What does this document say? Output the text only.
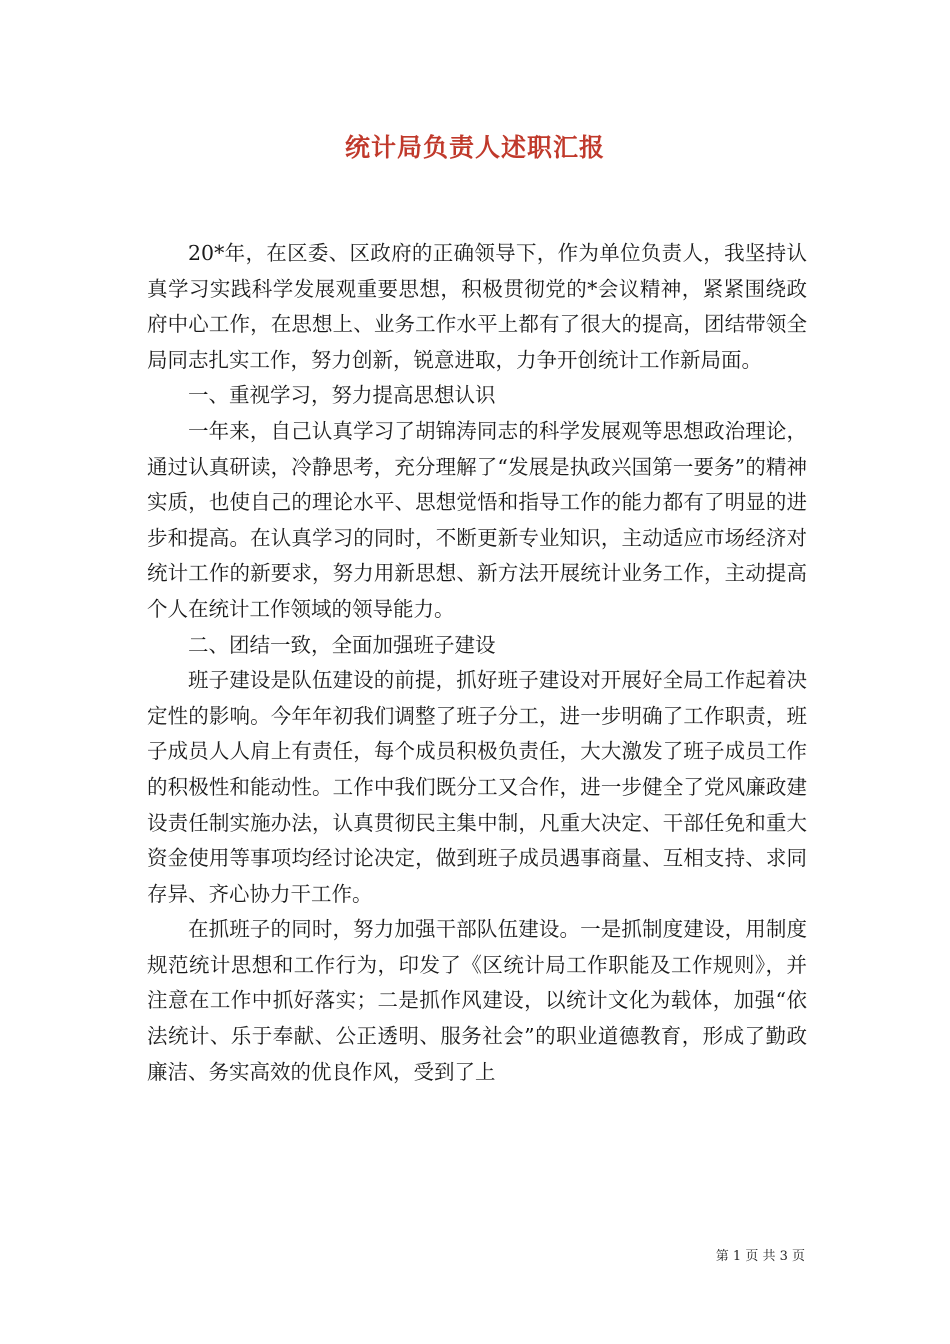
统计局负责人述职汇报

20*年，在区委、区政府的正确领导下，作为单位负责人，我坚持认真学习实践科学发展观重要思想，积极贯彻党的*会议精神，紧紧围绕政府中心工作，在思想上、业务工作水平上都有了很大的提高，团结带领全局同志扎实工作，努力创新，锐意进取，力争开创统计工作新局面。

一、重视学习，努力提高思想认识

一年来，自己认真学习了胡锦涛同志的科学发展观等思想政治理论，通过认真研读，冷静思考，充分理解了“发展是执政兴国第一要务”的精神实质，也使自己的理论水平、思想觉悟和指导工作的能力都有了明显的进步和提高。在认真学习的同时，不断更新专业知识，主动适应市场经济对统计工作的新要求，努力用新思想、新方法开展统计业务工作，主动提高个人在统计工作领域的领导能力。

二、团结一致，全面加强班子建设

班子建设是队伍建设的前提，抓好班子建设对开展好全局工作起着决定性的影响。今年年初我们调整了班子分工，进一步明确了工作职责，班子成员人人肩上有责任，每个成员积极负责任，大大激发了班子成员工作的积极性和能动性。工作中我们既分工又合作，进一步健全了党风廉政建设责任制实施办法，认真贯彻民主集中制，凡重大决定、干部任免和重大资金使用等事项均经讨论决定，做到班子成员遇事商量、互相支持、求同存异、齐心协力干工作。

在抓班子的同时，努力加强干部队伍建设。一是抓制度建设，用制度规范统计思想和工作行为，印发了《区统计局工作职能及工作规则》，并注意在工作中抓好落实；二是抓作风建设，以统计文化为载体，加强“依法统计、乐于奉献、公正透明、服务社会”的职业道德教育，形成了勤政廉洁、务实高效的优良作风，受到了上

第 1 页 共 3 页
